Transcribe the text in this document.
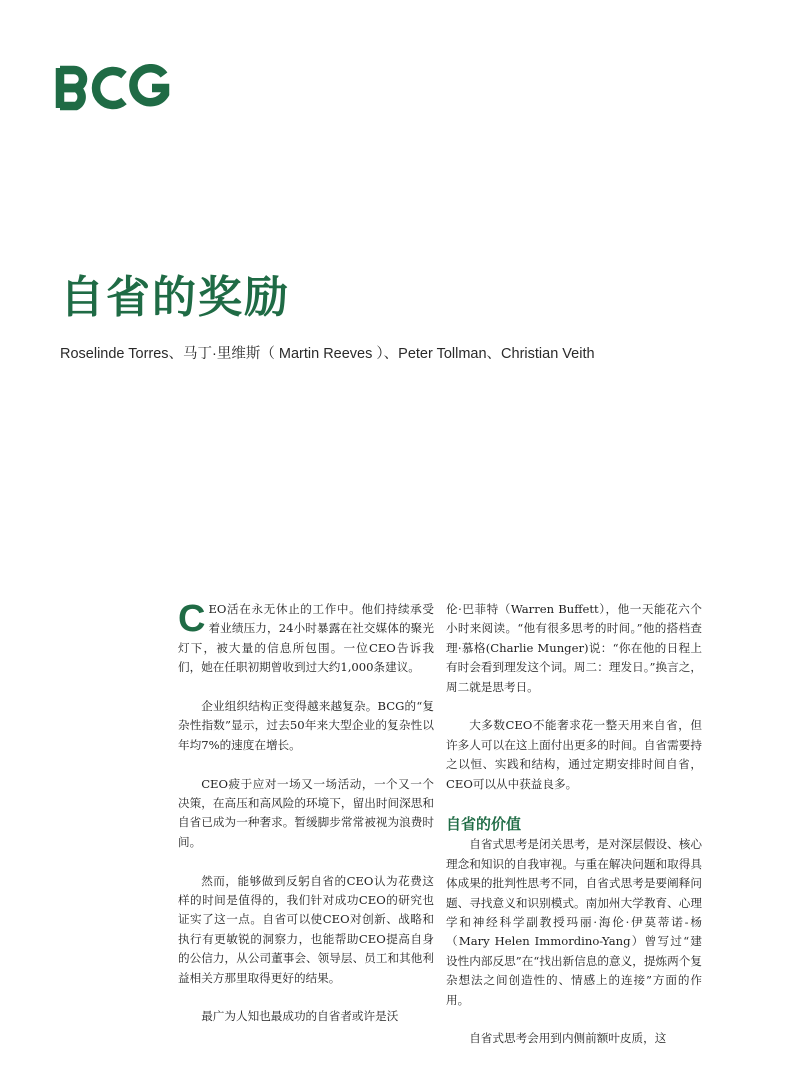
自省的奖励

Roselinde Torres、马丁·里维斯（ Martin Reeves ）、Peter Tollman、Christian Veith

CEO活在永无休止的工作中。他们持续承受着业绩压力，24小时暴露在社交媒体的聚光灯下，被大量的信息所包围。一位CEO告诉我们，她在任职初期曾收到过大约1,000条建议。

企业组织结构正变得越来越复杂。BCG的“复杂性指数”显示，过去50年来大型企业的复杂性以年均7%的速度在增长。

CEO疲于应对一场又一场活动，一个又一个决策，在高压和高风险的环境下，留出时间深思和自省已成为一种奢求。暂缓脚步常常被视为浪费时间。

然而，能够做到反躬自省的CEO认为花费这样的时间是值得的，我们针对成功CEO的研究也证实了这一点。自省可以使CEO对创新、战略和执行有更敏锐的洞察力，也能帮助CEO提高自身的公信力，从公司董事会、领导层、员工和其他利益相关方那里取得更好的结果。

最广为人知也最成功的自省者或许是沃

伦·巴菲特（Warren Buffett），他一天能花六个小时来阅读。“他有很多思考的时间。”他的搭档查理·慕格(Charlie Munger)说：“你在他的日程上有时会看到理发这个词。周二：理发日。”换言之，周二就是思考日。

大多数CEO不能奢求花一整天用来自省，但许多人可以在这上面付出更多的时间。自省需要持之以恒、实践和结构，通过定期安排时间自省，CEO可以从中获益良多。

自省的价值

自省式思考是闭关思考，是对深层假设、核心理念和知识的自我审视。与重在解决问题和取得具体成果的批判性思考不同，自省式思考是要阐释问题、寻找意义和识别模式。南加州大学教育、心理学和神经科学副教授玛丽·海伦·伊莫蒂诺-杨（Mary Helen Immordino-Yang）曾写过“建设性内部反思”在“找出新信息的意义，提炼两个复杂想法之间创造性的、情感上的连接”方面的作用。

自省式思考会用到内侧前额叶皮质，这
